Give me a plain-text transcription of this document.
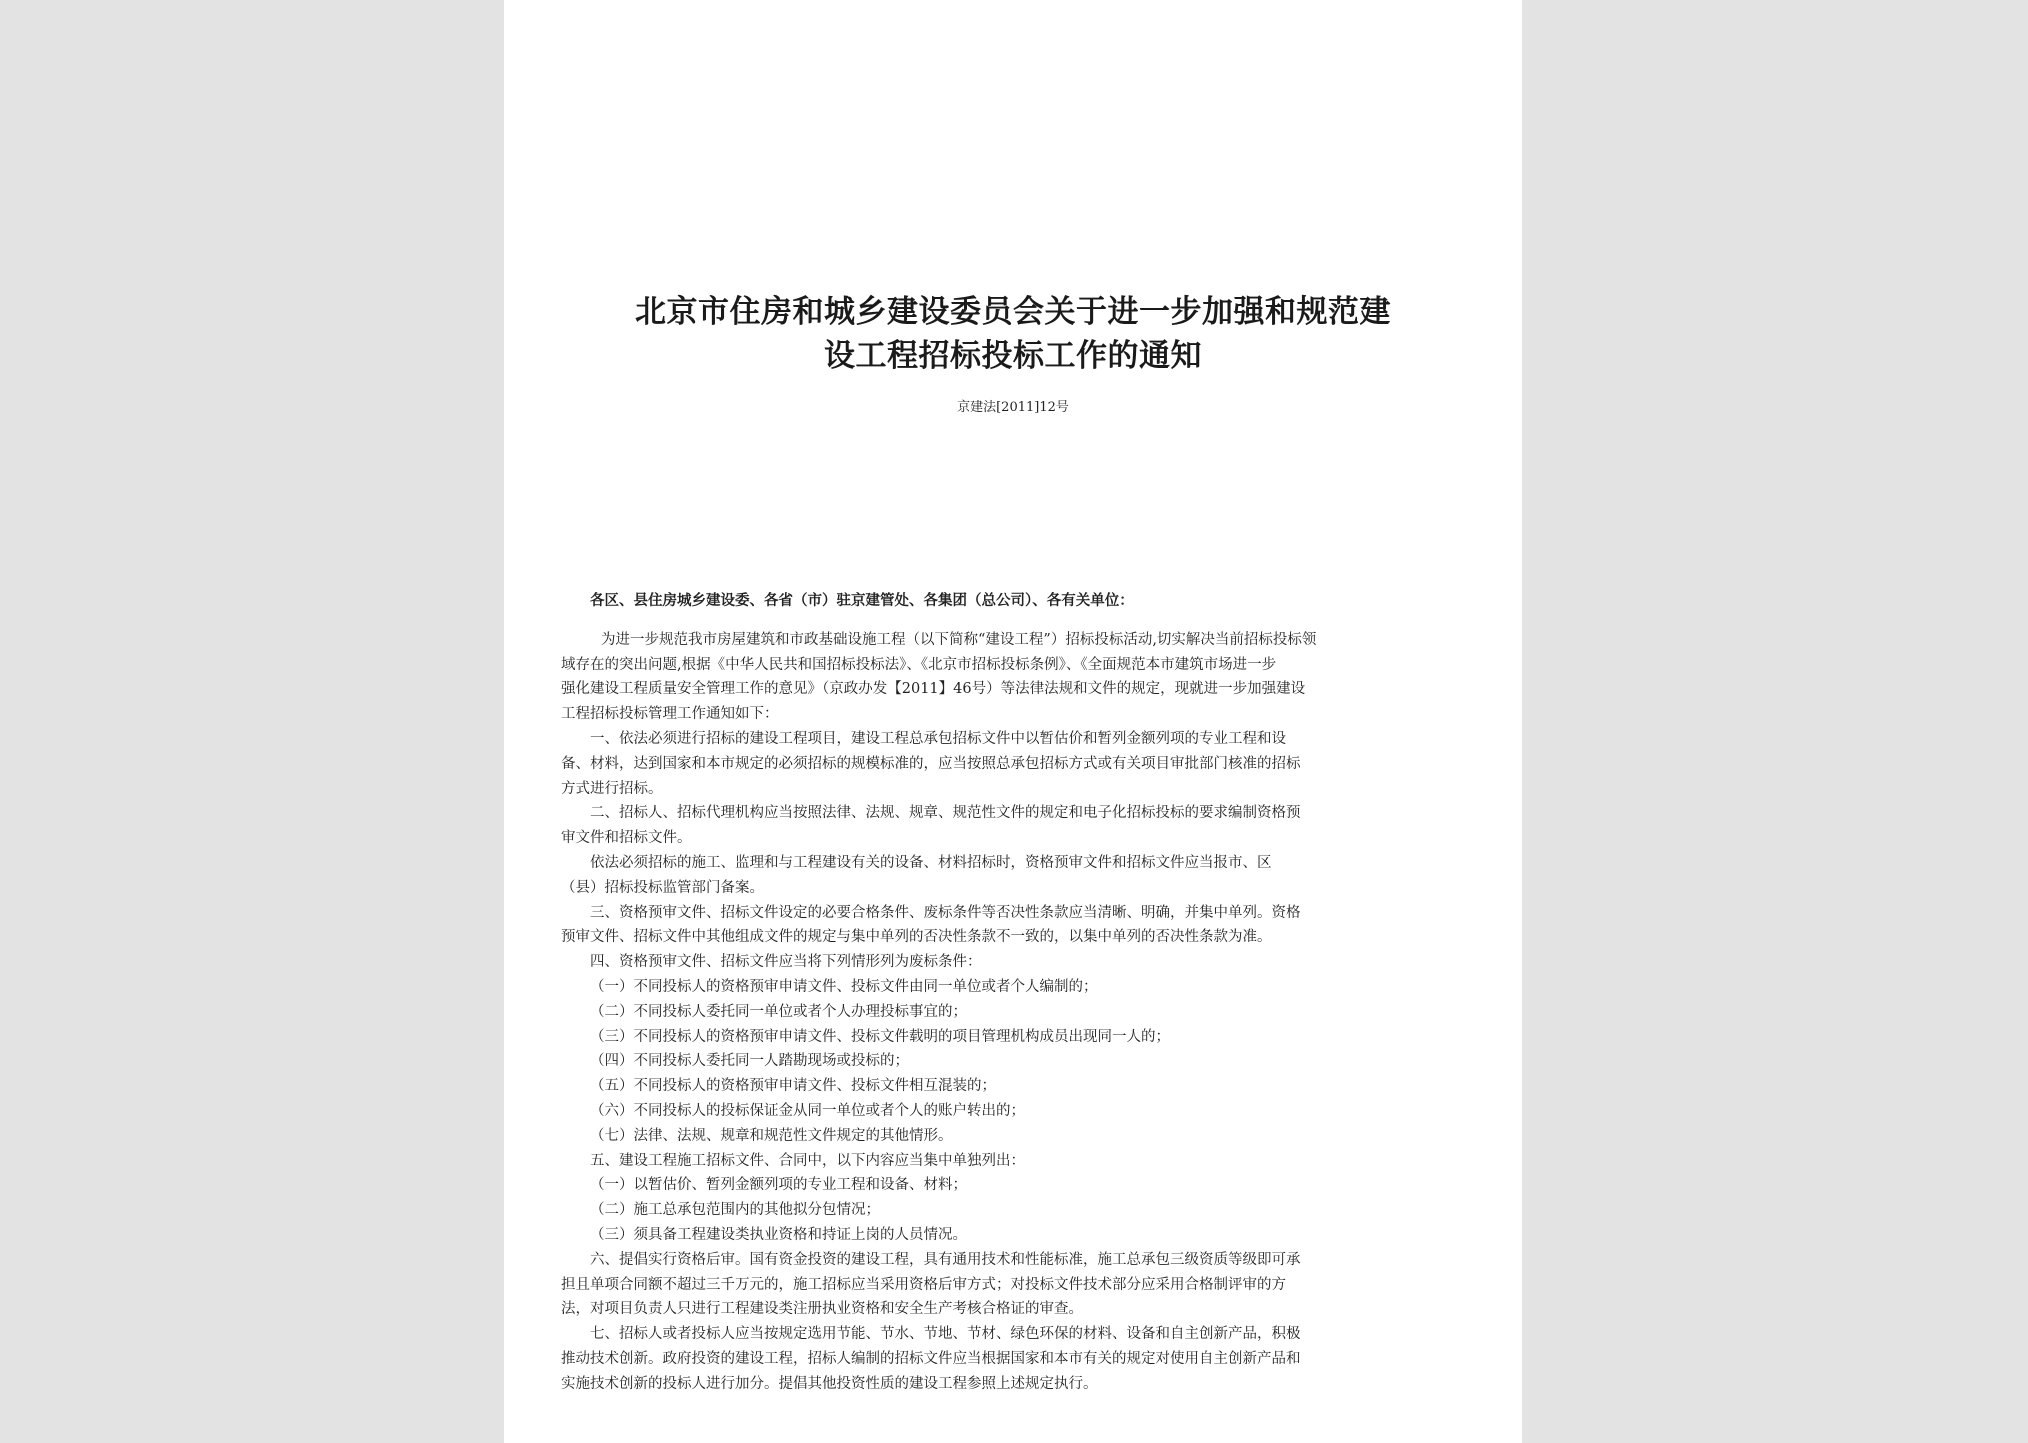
北京市住房和城乡建设委员会关于进一步加强和规范建
设工程招标投标工作的通知
京建法[2011]12号
各区、县住房城乡建设委、各省（市）驻京建管处、各集团（总公司）、各有关单位：
为进一步规范我市房屋建筑和市政基础设施工程（以下简称“建设工程”）招标投标活动,切实解决当前招标投标领
域存在的突出问题,根据《中华人民共和国招标投标法》、《北京市招标投标条例》、《全面规范本市建筑市场进一步
强化建设工程质量安全管理工作的意见》（京政办发【2011】46号）等法律法规和文件的规定，现就进一步加强建设
工程招标投标管理工作通知如下：
一、依法必须进行招标的建设工程项目，建设工程总承包招标文件中以暂估价和暂列金额列项的专业工程和设
备、材料，达到国家和本市规定的必须招标的规模标准的，应当按照总承包招标方式或有关项目审批部门核准的招标
方式进行招标。
二、招标人、招标代理机构应当按照法律、法规、规章、规范性文件的规定和电子化招标投标的要求编制资格预
审文件和招标文件。
依法必须招标的施工、监理和与工程建设有关的设备、材料招标时，资格预审文件和招标文件应当报市、区
（县）招标投标监管部门备案。
三、资格预审文件、招标文件设定的必要合格条件、废标条件等否决性条款应当清晰、明确，并集中单列。资格
预审文件、招标文件中其他组成文件的规定与集中单列的否决性条款不一致的，以集中单列的否决性条款为准。
四、资格预审文件、招标文件应当将下列情形列为废标条件：
（一）不同投标人的资格预审申请文件、投标文件由同一单位或者个人编制的；
（二）不同投标人委托同一单位或者个人办理投标事宜的；
（三）不同投标人的资格预审申请文件、投标文件载明的项目管理机构成员出现同一人的；
（四）不同投标人委托同一人踏勘现场或投标的；
（五）不同投标人的资格预审申请文件、投标文件相互混装的；
（六）不同投标人的投标保证金从同一单位或者个人的账户转出的；
（七）法律、法规、规章和规范性文件规定的其他情形。
五、建设工程施工招标文件、合同中，以下内容应当集中单独列出：
（一）以暂估价、暂列金额列项的专业工程和设备、材料；
（二）施工总承包范围内的其他拟分包情况；
（三）须具备工程建设类执业资格和持证上岗的人员情况。
六、提倡实行资格后审。国有资金投资的建设工程，具有通用技术和性能标准，施工总承包三级资质等级即可承
担且单项合同额不超过三千万元的，施工招标应当采用资格后审方式；对投标文件技术部分应采用合格制评审的方
法，对项目负责人只进行工程建设类注册执业资格和安全生产考核合格证的审查。
七、招标人或者投标人应当按规定选用节能、节水、节地、节材、绿色环保的材料、设备和自主创新产品，积极
推动技术创新。政府投资的建设工程，招标人编制的招标文件应当根据国家和本市有关的规定对使用自主创新产品和
实施技术创新的投标人进行加分。提倡其他投资性质的建设工程参照上述规定执行。
